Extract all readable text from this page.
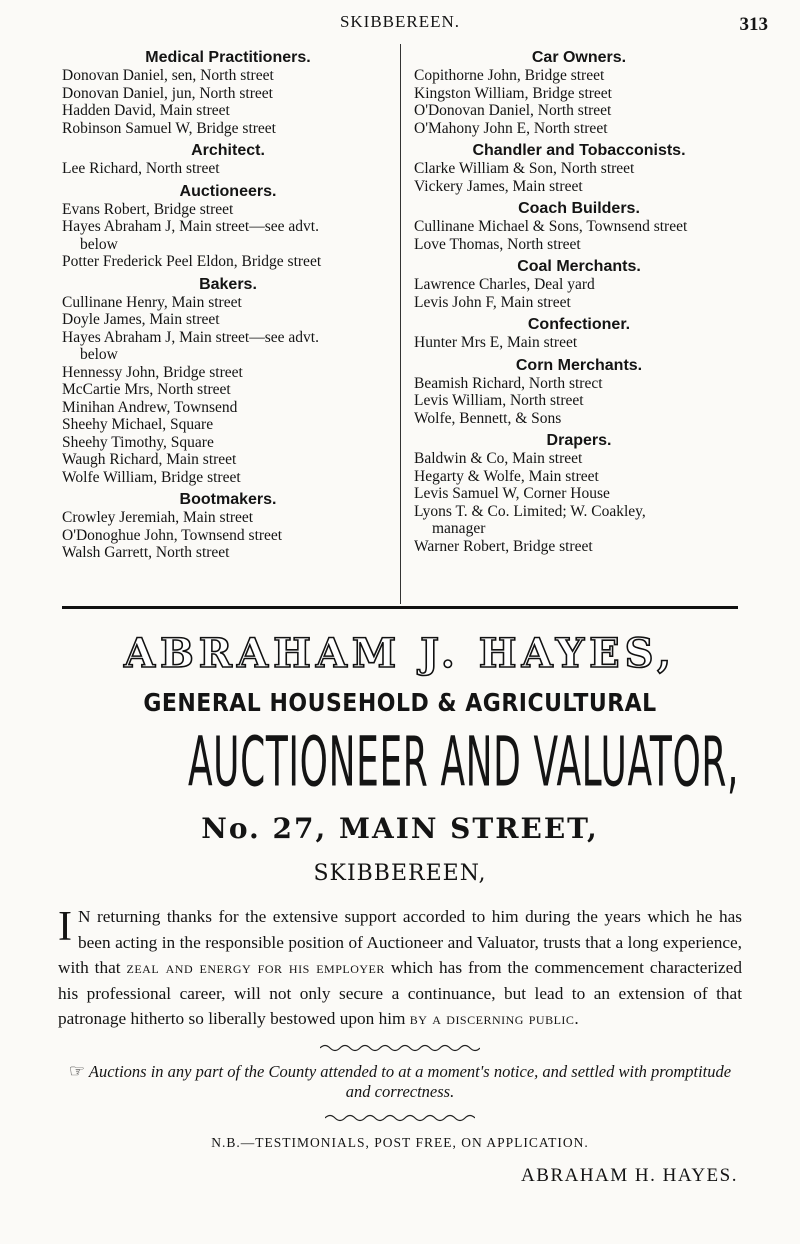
SKIBBEREEN.	313
Medical Practitioners.
Donovan Daniel, sen, North street
Donovan Daniel, jun, North street
Hadden David, Main street
Robinson Samuel W, Bridge street
Architect.
Lee Richard, North street
Auctioneers.
Evans Robert, Bridge street
Hayes Abraham J, Main street—see advt.
below
Potter Frederick Peel Eldon, Bridge street
Bakers.
Cullinane Henry, Main street
Doyle James, Main street
Hayes Abraham J, Main street—see advt.
below
Hennessy John, Bridge street
McCartie Mrs, North street
Minihan Andrew, Townsend
Sheehy Michael, Square
Sheehy Timothy, Square
Waugh Richard, Main street
Wolfe William, Bridge street
Bootmakers.
Crowley Jeremiah, Main street
O'Donoghue John, Townsend street
Walsh Garrett, North street
Car Owners.
Copithorne John, Bridge street
Kingston William, Bridge street
O'Donovan Daniel, North street
O'Mahony John E, North street
Chandler and Tobacconists.
Clarke William & Son, North street
Vickery James, Main street
Coach Builders.
Cullinane Michael & Sons, Townsend street
Love Thomas, North street
Coal Merchants.
Lawrence Charles, Deal yard
Levis John F, Main street
Confectioner.
Hunter Mrs E, Main street
Corn Merchants.
Beamish Richard, North strect
Levis William, North street
Wolfe, Bennett, & Sons
Drapers.
Baldwin & Co, Main street
Hegarty & Wolfe, Main street
Levis Samuel W, Corner House
Lyons T. & Co. Limited; W. Coakley,
manager
Warner Robert, Bridge street
ABRAHAM J. HAYES,
GENERAL HOUSEHOLD & AGRICULTURAL
AUCTIONEER AND VALUATOR,
No. 27, MAIN STREET,
SKIBBEREEN,
I N returning thanks for the extensive support accorded to him during the years which he has been acting in the responsible position of Auctioneer and Valuator, trusts that a long experience, with that zeal and energy for his employer which has from the commencement characterized his professional career, will not only secure a continuance, but lead to an extension of that patronage hitherto so liberally bestowed upon him by a discerning public.
☞ Auctions in any part of the County attended to at a moment's notice, and settled with promptitude and correctness.
N.B.—TESTIMONIALS, POST FREE, ON APPLICATION.
ABRAHAM H. HAYES.
